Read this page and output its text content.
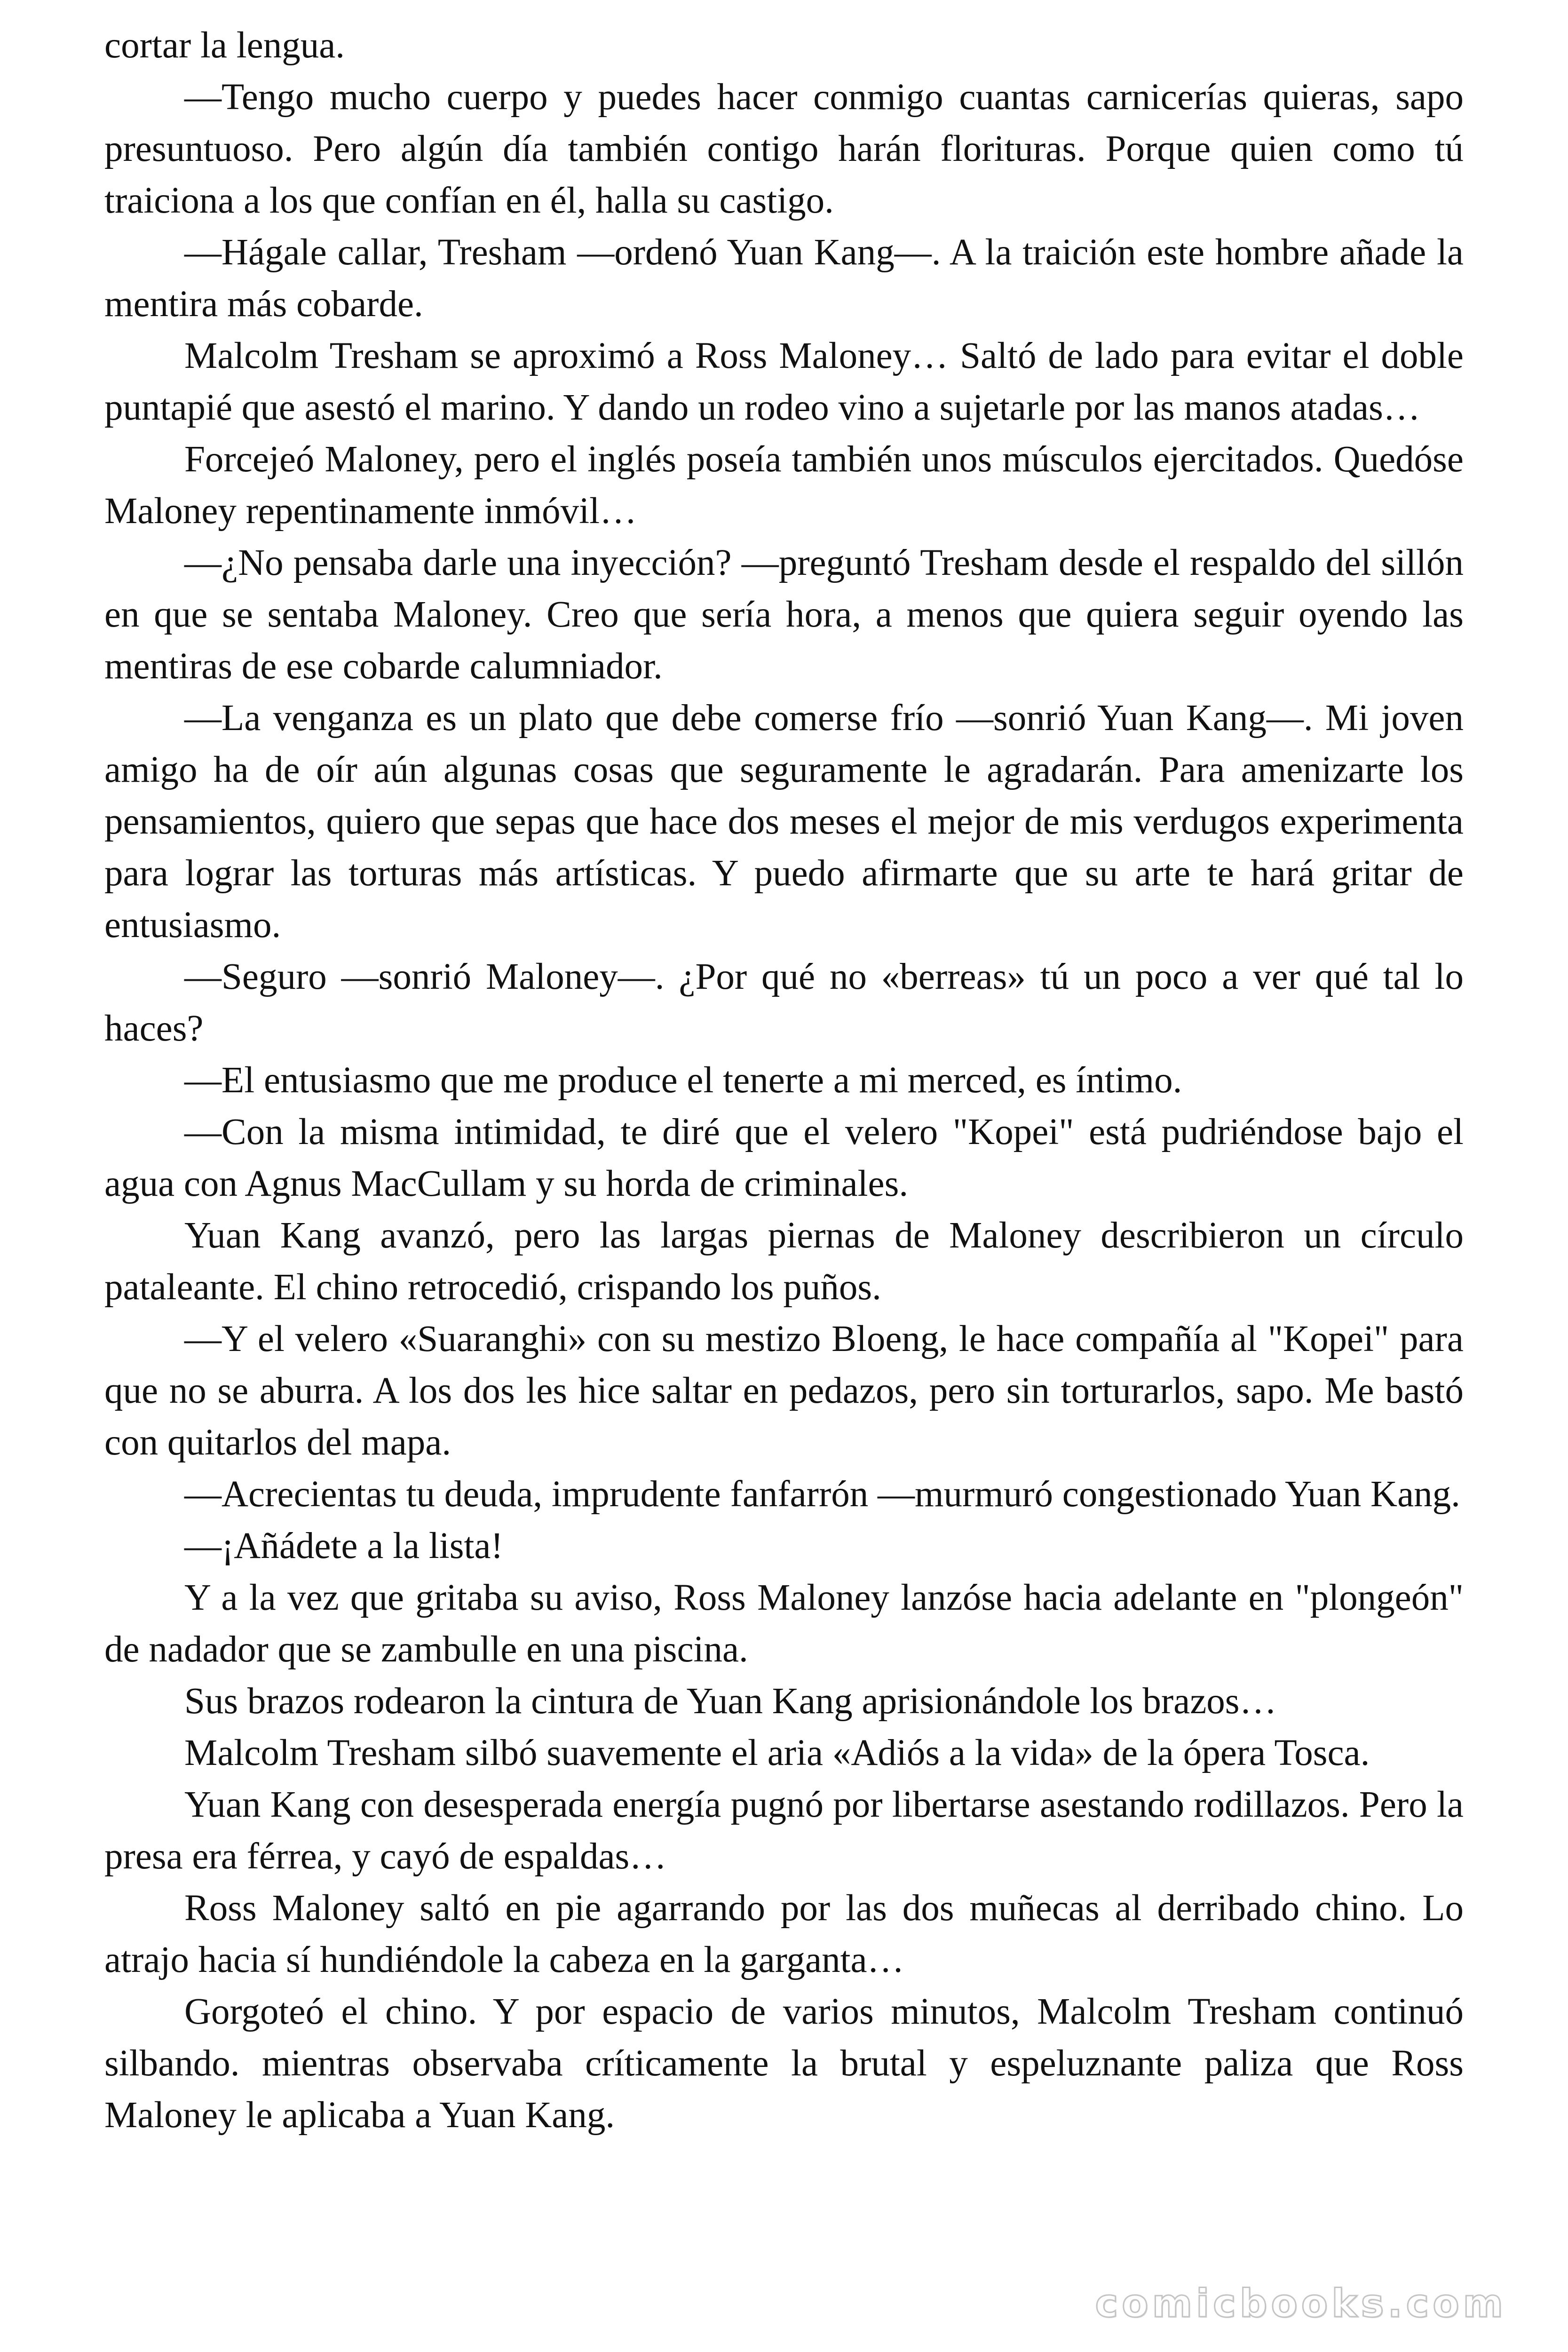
cortar la lengua.

—Tengo mucho cuerpo y puedes hacer conmigo cuantas carnicerías quieras, sapo presuntuoso. Pero algún día también contigo harán florituras. Porque quien como tú traiciona a los que confían en él, halla su castigo.

—Hágale callar, Tresham —ordenó Yuan Kang—. A la traición este hombre añade la mentira más cobarde.

Malcolm Tresham se aproximó a Ross Maloney… Saltó de lado para evitar el doble puntapié que asestó el marino. Y dando un rodeo vino a sujetarle por las manos atadas…

Forcejeó Maloney, pero el inglés poseía también unos músculos ejercitados. Quedóse Maloney repentinamente inmóvil…

—¿No pensaba darle una inyección? —preguntó Tresham desde el respaldo del sillón en que se sentaba Maloney. Creo que sería hora, a menos que quiera seguir oyendo las mentiras de ese cobarde calumniador.

—La venganza es un plato que debe comerse frío —sonrió Yuan Kang—. Mi joven amigo ha de oír aún algunas cosas que seguramente le agradarán. Para amenizarte los pensamientos, quiero que sepas que hace dos meses el mejor de mis verdugos experimenta para lograr las torturas más artísticas. Y puedo afirmarte que su arte te hará gritar de entusiasmo.

—Seguro —sonrió Maloney—. ¿Por qué no «berreas» tú un poco a ver qué tal lo haces?

—El entusiasmo que me produce el tenerte a mi merced, es íntimo.

—Con la misma intimidad, te diré que el velero "Kopei" está pudriéndose bajo el agua con Agnus MacCullam y su horda de criminales.

Yuan Kang avanzó, pero las largas piernas de Maloney describieron un círculo pataleante. El chino retrocedió, crispando los puños.

—Y el velero «Suaranghi» con su mestizo Bloeng, le hace compañía al "Kopei" para que no se aburra. A los dos les hice saltar en pedazos, pero sin torturarlos, sapo. Me bastó con quitarlos del mapa.

—Acrecientas tu deuda, imprudente fanfarrón —murmuró congestionado Yuan Kang.

—¡Añádete a la lista!

Y a la vez que gritaba su aviso, Ross Maloney lanzóse hacia adelante en "plongeón" de nadador que se zambulle en una piscina.

Sus brazos rodearon la cintura de Yuan Kang aprisionándole los brazos…

Malcolm Tresham silbó suavemente el aria «Adiós a la vida» de la ópera Tosca.

Yuan Kang con desesperada energía pugnó por libertarse asestando rodillazos. Pero la presa era férrea, y cayó de espaldas…

Ross Maloney saltó en pie agarrando por las dos muñecas al derribado chino. Lo atrajo hacia sí hundiéndole la cabeza en la garganta…

Gorgoteó el chino. Y por espacio de varios minutos, Malcolm Tresham continuó silbando. mientras observaba críticamente la brutal y espeluznante paliza que Ross Maloney le aplicaba a Yuan Kang.

comicbooks.com
